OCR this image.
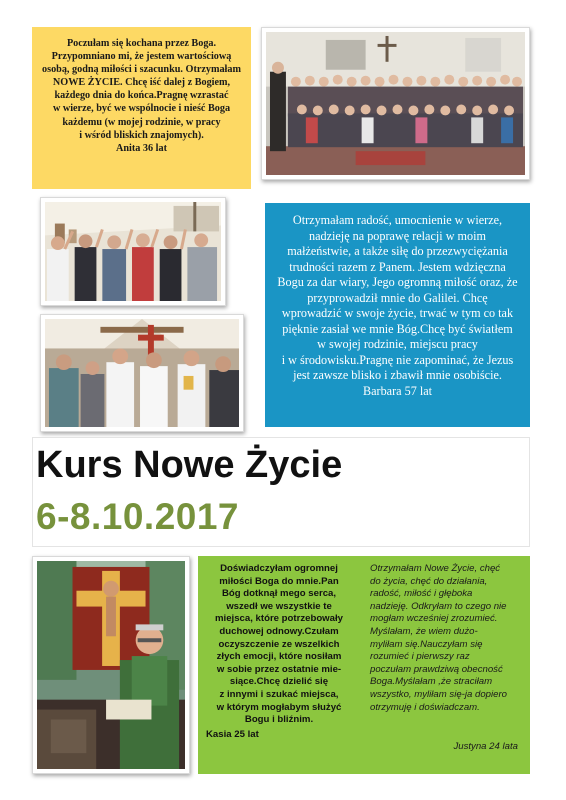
Poczułam się kochana przez Boga.
Przypomniano mi, że jestem wartościową
osobą, godną miłości i szacunku. Otrzymałam
NOWE ŻYCIE. Chcę iść dalej z Bogiem,
każdego dnia do końca.Pragnę wzrastać
w wierze, być we wspólnocie i nieść Boga
każdemu (w mojej rodzinie, w pracy
i wśród bliskich znajomych).
Anita 36 lat
Otrzymałam radość, umocnienie w wierze,
nadzieję na poprawę relacji w moim
małżeństwie, a także siłę do przezwyciężania
trudności razem z Panem. Jestem wdzięczna
Bogu za dar wiary, Jego ogromną miłość oraz, że
przyprowadził mnie do Galilei. Chcę
wprowadzić w swoje życie, trwać w tym co tak
pięknie zasiał we mnie Bóg.Chcę być światłem
w swojej rodzinie, miejscu pracy
i w środowisku.Pragnę nie zapominać, że Jezus
jest zawsze blisko i zbawił mnie osobiście.
Barbara 57 lat
Kurs Nowe Życie
6-8.10.2017
Doświadczyłam ogromnej
miłości Boga do mnie.Pan
Bóg dotknął mego serca,
wszedł we wszystkie te
miejsca, które potrzebowały
duchowej odnowy.Czułam
oczyszczenie ze wszelkich
złych emocji, które nosiłam
w sobie przez ostatnie mie-
siące.Chcę dzielić się
z innymi i szukać miejsca,
w którym mogłabym służyć
Bogu i bliźnim.
Kasia 25 lat
Otrzymałam Nowe Życie, chęć
do życia, chęć do działania,
radość, miłość i głęboka
nadzieję. Odkryłam to czego nie
mogłam wcześniej zrozumieć.
Myślałam, że wiem dużo-
myliłam się.Nauczyłam się
rozumieć i pierwszy raz
poczułam prawdziwą obecność
Boga.Myślałam ,że straciłam
wszystko, myliłam się-ja dopiero
otrzymuję i doświadczam.
Justyna 24 lata
